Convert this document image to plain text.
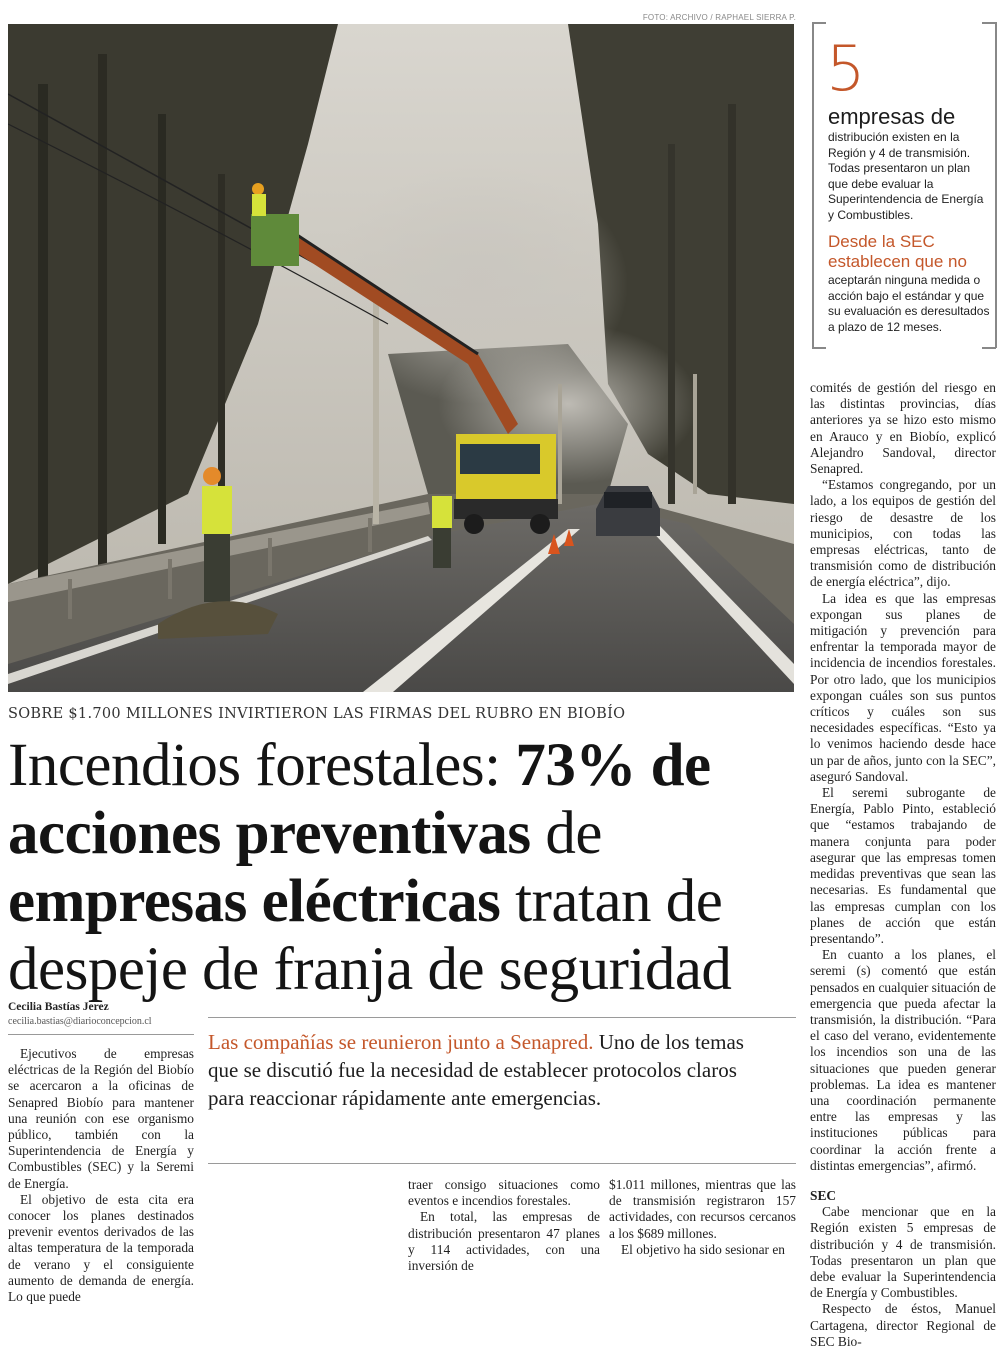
FOTO: ARCHIVO / RAPHAEL SIERRA P.
SOBRE $1.700 MILLONES INVIRTIERON LAS FIRMAS DEL RUBRO EN BIOBÍO
Incendios forestales: 73% de acciones preventivas de empresas eléctricas tratan de despeje de franja de seguridad
Cecilia Bastías Jerez
cecilia.bastias@diarioconcepcion.cl

Ejecutivos de empresas eléctricas de la Región del Biobío se acercaron a la oficinas de Senapred Biobío para mantener una reunión con ese organismo público, también con la Superintendencia de Energía y Combustibles (SEC) y la Seremi de Energía.

El objetivo de esta cita era conocer los planes destinados prevenir eventos derivados de las altas temperatura de la temporada de verano y el consiguiente aumento de demanda de energía. Lo que puede

Las compañías se reunieron junto a Senapred. Uno de los temas que se discutió fue la necesidad de establecer protocolos claros para reaccionar rápidamente ante emergencias.

traer consigo situaciones como eventos e incendios forestales.

En total, las empresas de distribución presentaron 47 planes y 114 actividades, con una inversión de

$1.011 millones, mientras que las de transmisión registraron 157 actividades, con recursos cercanos a los $689 millones.

El objetivo ha sido sesionar en

5
empresas de
distribución existen en la Región y 4 de transmisión. Todas presentaron un plan que debe evaluar la Superintendencia de Energía y Combustibles.
Desde la SEC establecen que no
aceptarán ninguna medida o acción bajo el estándar y que su evaluación es deresultados a plazo de 12 meses.

comités de gestión del riesgo en las distintas provincias, días anteriores ya se hizo esto mismo en Arauco y en Biobío, explicó Alejandro Sandoval, director Senapred.

“Estamos congregando, por un lado, a los equipos de gestión del riesgo de desastre de los municipios, con todas las empresas eléctricas, tanto de transmisión como de distribución de energía eléctrica”, dijo.

La idea es que las empresas expongan sus planes de mitigación y prevención para enfrentar la temporada mayor de incidencia de incendios forestales. Por otro lado, que los municipios expongan cuáles son sus puntos críticos y cuáles son sus necesidades específicas. “Esto ya lo venimos haciendo desde hace un par de años, junto con la SEC”, aseguró Sandoval.

El seremi subrogante de Energía, Pablo Pinto, estableció que “estamos trabajando de manera conjunta para poder asegurar que las empresas tomen medidas preventivas que sean las necesarias. Es fundamental que las empresas cumplan con los planes de acción que están presentando”.

En cuanto a los planes, el seremi (s) comentó que están pensados en cualquier situación de emergencia que pueda afectar la transmisión, la distribución. “Para el caso del verano, evidentemente los incendios son una de las situaciones que pueden generar problemas. La idea es mantener una coordinación permanente entre las empresas y las instituciones públicas para coordinar la acción frente a distintas emergencias”, afirmó.

SEC

Cabe mencionar que en la Región existen 5 empresas de distribución y 4 de transmisión. Todas presentaron un plan que debe evaluar la Superintendencia de Energía y Combustibles.

Respecto de éstos, Manuel Cartagena, director Regional de SEC Bio-
